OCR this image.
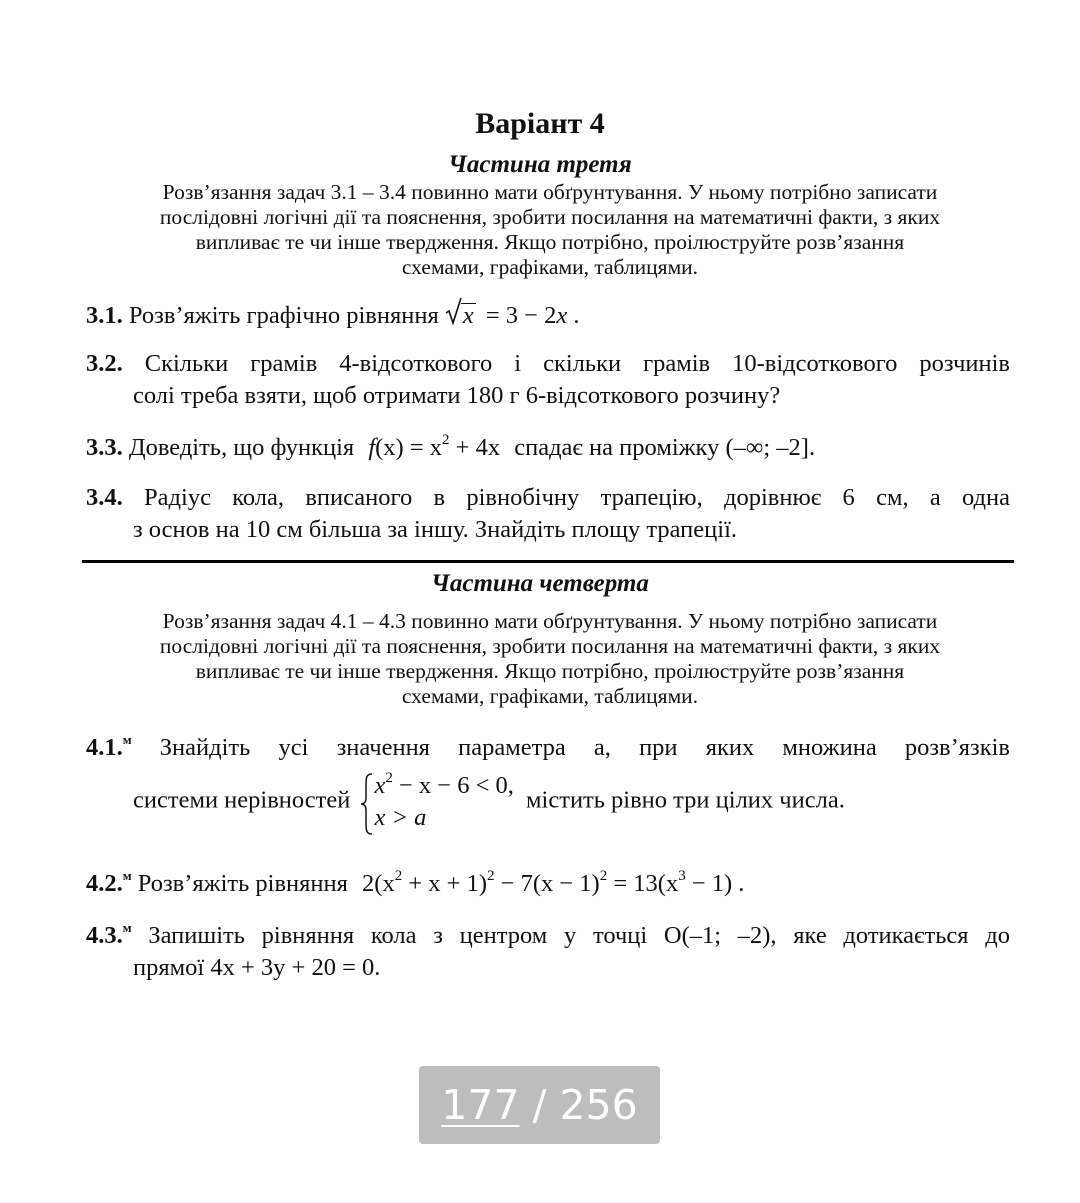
Варіант 4
Частина третя
Розв’язання задач 3.1 – 3.4 повинно мати обґрунтування. У ньому потрібно записати
послідовні логічні дії та пояснення, зробити посилання на математичні факти, з яких
випливає те чи інше твердження. Якщо потрібно, проілюструйте розв’язання
схемами, графіками, таблицями.
3.1. Розв’яжіть графічно рівняння x = 3 − 2x .
3.2. Скільки грамів 4-відсоткового і скільки грамів 10-відсоткового розчинів
солі треба взяти, щоб отримати 180 г 6-відсоткового розчину?
3.3. Доведіть, що функція $f(x) = x^2 + 4x$ спадає на проміжку (–∞; –2].
3.4. Радіус кола, вписаного в рівнобічну трапецію, дорівнює 6 см, а одна
з основ на 10 см більша за іншу. Знайдіть площу трапеції.
Частина четверта
Розв’язання задач 4.1 – 4.3 повинно мати обґрунтування. У ньому потрібно записати
послідовні логічні дії та пояснення, зробити посилання на математичні факти, з яких
випливає те чи інше твердження. Якщо потрібно, проілюструйте розв’язання
схемами, графіками, таблицями.
4.1.$^м$ Знайдіть усі значення параметра a, при яких множина розв’язків
системи нерівностей
$x^2 - x - 6 < 0$,
x > a
містить рівно три цілих числа.
4.2.$^м$ Розв’яжіть рівняння $2(x^2 + x + 1)^2 - 7(x - 1)^2 = 13(x^3 - 1)$ .
4.3.$^м$ Запишіть рівняння кола з центром у точці O(–1; –2), яке дотикається до
прямої 4x + 3y + 20 = 0.
177 / 256
